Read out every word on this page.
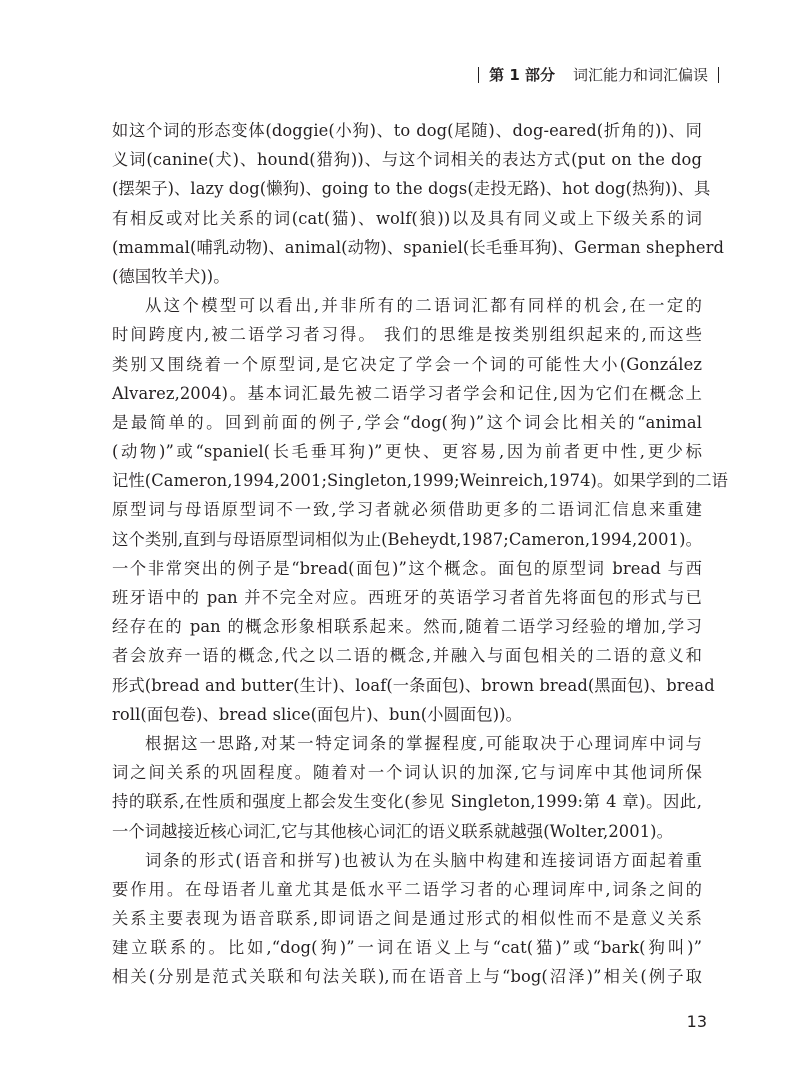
第 1 部分 词汇能力和词汇偏误
如这个词的形态变体(doggie(小狗)、to dog(尾随)、dog-eared(折角的))、同
义词(canine(犬)、hound(猎狗))、与这个词相关的表达方式(put on the dog
(摆架子)、lazy dog(懒狗)、going to the dogs(走投无路)、hot dog(热狗))、具
有相反或对比关系的词(cat(猫)、wolf(狼))以及具有同义或上下级关系的词
(mammal(哺乳动物)、animal(动物)、spaniel(长毛垂耳狗)、German shepherd
(德国牧羊犬))。
从这个模型可以看出,并非所有的二语词汇都有同样的机会,在一定的
时间跨度内,被二语学习者习得。 我们的思维是按类别组织起来的,而这些
类别又围绕着一个原型词,是它决定了学会一个词的可能性大小(González
Alvarez,2004)。基本词汇最先被二语学习者学会和记住,因为它们在概念上
是最简单的。回到前面的例子,学会“dog(狗)”这个词会比相关的“animal
(动物)”或“spaniel(长毛垂耳狗)”更快、更容易,因为前者更中性,更少标
记性(Cameron,1994,2001;Singleton,1999;Weinreich,1974)。如果学到的二语
原型词与母语原型词不一致,学习者就必须借助更多的二语词汇信息来重建
这个类别,直到与母语原型词相似为止(Beheydt,1987;Cameron,1994,2001)。
一个非常突出的例子是“bread(面包)”这个概念。面包的原型词 bread 与西
班牙语中的 pan 并不完全对应。西班牙的英语学习者首先将面包的形式与已
经存在的 pan 的概念形象相联系起来。然而,随着二语学习经验的增加,学习
者会放弃一语的概念,代之以二语的概念,并融入与面包相关的二语的意义和
形式(bread and butter(生计)、loaf(一条面包)、brown bread(黑面包)、bread
roll(面包卷)、bread slice(面包片)、bun(小圆面包))。
根据这一思路,对某一特定词条的掌握程度,可能取决于心理词库中词与
词之间关系的巩固程度。随着对一个词认识的加深,它与词库中其他词所保
持的联系,在性质和强度上都会发生变化(参见 Singleton,1999:第 4 章)。因此,
一个词越接近核心词汇,它与其他核心词汇的语义联系就越强(Wolter,2001)。
词条的形式(语音和拼写)也被认为在头脑中构建和连接词语方面起着重
要作用。在母语者儿童尤其是低水平二语学习者的心理词库中,词条之间的
关系主要表现为语音联系,即词语之间是通过形式的相似性而不是意义关系
建立联系的。比如,“dog(狗)”一词在语义上与“cat(猫)”或“bark(狗叫)”
相关(分别是范式关联和句法关联),而在语音上与“bog(沼泽)”相关(例子取
13
